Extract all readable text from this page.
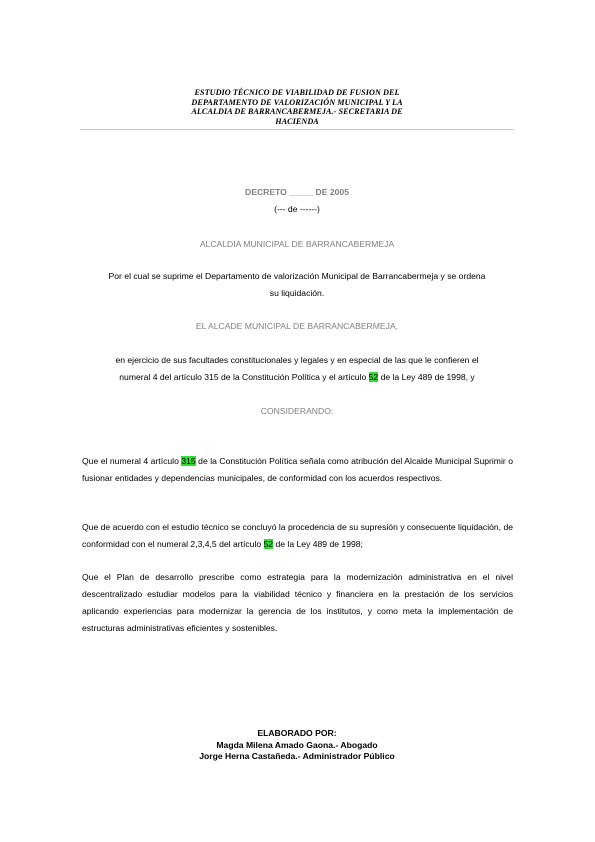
ESTUDIO TÉCNICO DE VIABILIDAD DE FUSION DEL
DEPARTAMENTO DE VALORIZACIÓN MUNICIPAL Y LA
ALCALDIA DE BARRANCABERMEJA.- SECRETARIA DE
HACIENDA
DECRETO _____ DE 2005
(--- de ------)
ALCALDIA MUNICIPAL DE BARRANCABERMEJA
Por el cual se suprime el Departamento de valorización Municipal de Barrancabermeja y se ordena
su liquidación.
EL ALCADE MUNICIPAL DE BARRANCABERMEJA,
en ejercicio de sus facultades constitucionales y legales y en especial de las que le confieren el
numeral 4 del artículo 315 de la Constitución Política y el artículo 52 de la Ley 489 de 1998, y
CONSIDERANDO:
Que el numeral 4 artículo 315 de la Constitución Política señala como atribución del Alcalde Municipal Suprimir o fusionar entidades y dependencias municipales, de conformidad con los acuerdos respectivos.
Que de acuerdo con el estudio técnico se concluyó la procedencia de su supresión y consecuente liquidación, de conformidad con el numeral 2,3,4,5 del artículo 52 de la Ley 489 de 1998;
Que el Plan de desarrollo prescribe como estrategia para la modernización administrativa en el nivel descentralizado estudiar modelos para la viabilidad técnico y financiera en la prestación de los servicios aplicando experiencias para modernizar la gerencia de los institutos, y como meta la implementación de estructuras administrativas eficientes y sostenibles.
ELABORADO POR:
Magda Milena Amado Gaona.- Abogado
Jorge Herna Castañeda.- Administrador Público
